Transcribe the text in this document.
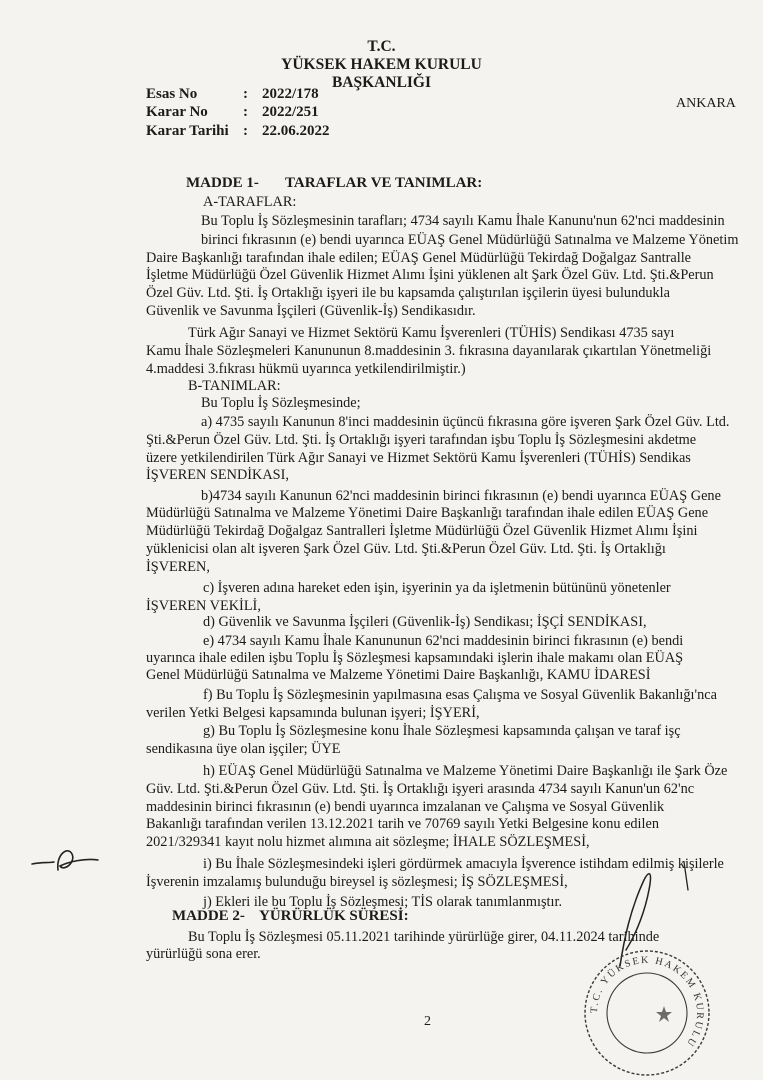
T.C.
YÜKSEK HAKEM KURULU
BAŞKANLIĞI
Esas No	: 2022/178
Karar No : 2022/251
Karar Tarihi : 22.06.2022
ANKARA
MADDE 1- TARAFLAR VE TANIMLAR:
A-TARAFLAR:
Bu Toplu İş Sözleşmesinin tarafları; 4734 sayılı Kamu İhale Kanunu'nun 62'nci maddesinin
birinci fıkrasının (e) bendi uyarınca EÜAŞ Genel Müdürlüğü Satınalma ve Malzeme Yönetim
Daire Başkanlığı tarafından ihale edilen; EÜAŞ Genel Müdürlüğü Tekirdağ Doğalgaz Santralle
İşletme Müdürlüğü Özel Güvenlik Hizmet Alımı İşini yüklenen alt Şark Özel Güv. Ltd. Şti.&Perun
Özel Güv. Ltd. Şti. İş Ortaklığı işyeri ile bu kapsamda çalıştırılan işçilerin üyesi bulundukla
Güvenlik ve Savunma İşçileri (Güvenlik-İş) Sendikasıdır.
Türk Ağır Sanayi ve Hizmet Sektörü Kamu İşverenleri (TÜHİS) Sendikası 4735 sayı
Kamu İhale Sözleşmeleri Kanununun 8.maddesinin 3. fıkrasına dayanılarak çıkartılan Yönetmeliği
4.maddesi 3.fıkrası hükmü uyarınca yetkilendirilmiştir.)
B-TANIMLAR:
Bu Toplu İş Sözleşmesinde;
a) 4735 sayılı Kanunun 8'inci maddesinin üçüncü fıkrasına göre işveren Şark Özel Güv. Ltd.
Şti.&Perun Özel Güv. Ltd. Şti. İş Ortaklığı işyeri tarafından işbu Toplu İş Sözleşmesini akdetme
üzere yetkilendirilen Türk Ağır Sanayi ve Hizmet Sektörü Kamu İşverenleri (TÜHİS) Sendikas
İŞVEREN SENDİKASI,
b)4734 sayılı Kanunun 62'nci maddesinin birinci fıkrasının (e) bendi uyarınca EÜAŞ Gene
Müdürlüğü Satınalma ve Malzeme Yönetimi Daire Başkanlığı tarafından ihale edilen EÜAŞ Gene
Müdürlüğü Tekirdağ Doğalgaz Santralleri İşletme Müdürlüğü Özel Güvenlik Hizmet Alımı İşini
yüklenicisi olan alt işveren Şark Özel Güv. Ltd. Şti.&Perun Özel Güv. Ltd. Şti. İş Ortaklığı
İŞVEREN,
c) İşveren adına hareket eden işin, işyerinin ya da işletmenin bütününü yönetenler
İŞVEREN VEKİLİ,
d) Güvenlik ve Savunma İşçileri (Güvenlik-İş) Sendikası; İŞÇİ SENDİKASI,
e) 4734 sayılı Kamu İhale Kanununun 62'nci maddesinin birinci fıkrasının (e) bendi
uyarınca ihale edilen işbu Toplu İş Sözleşmesi kapsamındaki işlerin ihale makamı olan EÜAŞ
Genel Müdürlüğü Satınalma ve Malzeme Yönetimi Daire Başkanlığı, KAMU İDARESİ
f) Bu Toplu İş Sözleşmesinin yapılmasına esas Çalışma ve Sosyal Güvenlik Bakanlığı'nca
verilen Yetki Belgesi kapsamında bulunan işyeri; İŞYERİ,
g) Bu Toplu İş Sözleşmesine konu İhale Sözleşmesi kapsamında çalışan ve taraf işç
sendikasına üye olan işçiler; ÜYE
h) EÜAŞ Genel Müdürlüğü Satınalma ve Malzeme Yönetimi Daire Başkanlığı ile Şark Öze
Güv. Ltd. Şti.&Perun Özel Güv. Ltd. Şti. İş Ortaklığı işyeri arasında 4734 sayılı Kanun'un 62'nc
maddesinin birinci fıkrasının (e) bendi uyarınca imzalanan ve Çalışma ve Sosyal Güvenlik
Bakanlığı tarafından verilen 13.12.2021 tarih ve 70769 sayılı Yetki Belgesine konu edilen
2021/329341 kayıt nolu hizmet alımına ait sözleşme; İHALE SÖZLEŞMESİ,
i) Bu İhale Sözleşmesindeki işleri gördürmek amacıyla İşverence istihdam edilmiş kişilerle
İşverenin imzalamış bulunduğu bireysel iş sözleşmesi; İŞ SÖZLEŞMESİ,
j) Ekleri ile bu Toplu İş Sözleşmesi; TİS olarak tanımlanmıştır.
MADDE 2- YÜRÜRLÜK SÜRESİ:
Bu Toplu İş Sözleşmesi 05.11.2021 tarihinde yürürlüğe girer, 04.11.2024 tarihinde
yürürlüğü sona erer.
2
T.C. YÜKSEK HAKEM KURULU
